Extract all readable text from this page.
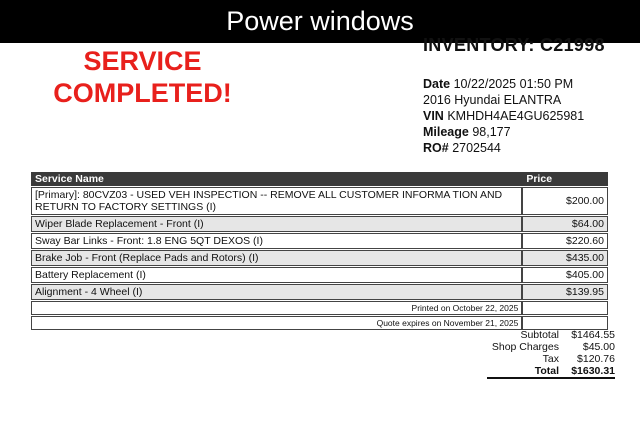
Power windows
INVENTORY: C21998
SERVICE
COMPLETED!	Date 10/22/2025 01:50 PM
2016 Hyundai ELANTRA
VIN KMHDH4AE4GU625981
Mileage 98,177
RO# 2702544
Service Name	Price
[Primary]: 80CVZ03 - USED VEH INSPECTION -- REMOVE ALL CUSTOMER INFORMA TION AND RETURN TO FACTORY SETTINGS (I)	$200.00
Wiper Blade Replacement - Front (I)	$64.00
Sway Bar Links - Front: 1.8 ENG 5QT DEXOS (I)	$220.60
Brake Job - Front (Replace Pads and Rotors) (I)	$435.00
Battery Replacement (I)	$405.00
Alignment - 4 Wheel (I)	$139.95
Printed on October 22, 2025	
Quote expires on November 21, 2025	
Subtotal	$1464.55
Shop Charges	$45.00
Tax	$120.76
Total	$1630.31
